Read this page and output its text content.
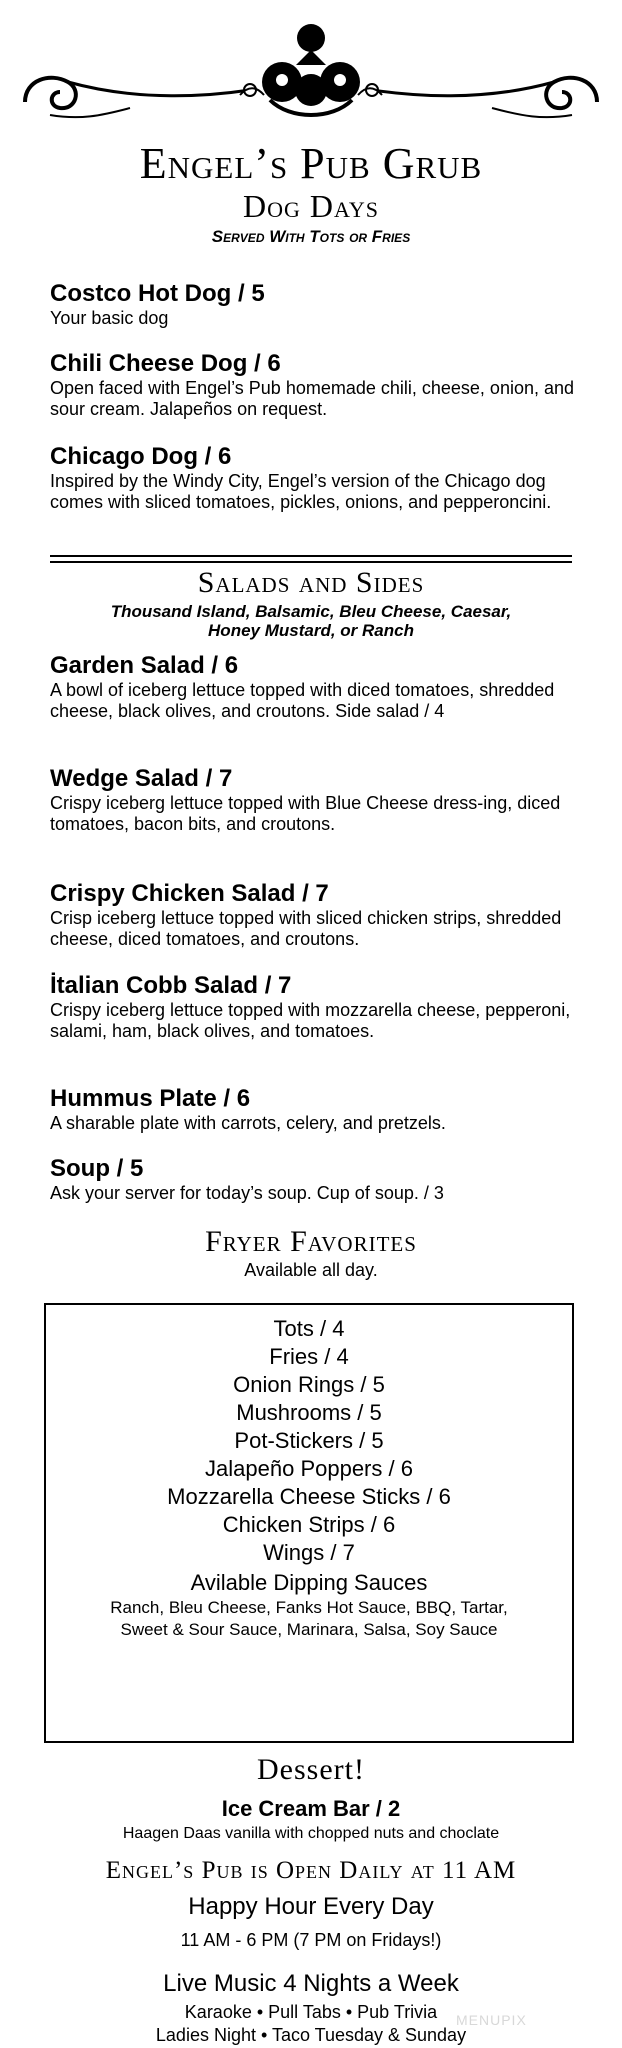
Engel’s Pub Grub
Dog Days
Served With Tots or Fries
Costco Hot Dog / 5
Your basic dog
Chili Cheese Dog / 6
Open faced with Engel’s Pub homemade chili, cheese, onion, and sour cream. Jalapeños on request.
Chicago Dog / 6
Inspired by the Windy City, Engel’s version of the Chicago dog comes with sliced tomatoes, pickles, onions, and pepperoncini.
Salads and Sides
Thousand Island, Balsamic, Bleu Cheese, Caesar,
Honey Mustard, or Ranch
Garden Salad / 6
A bowl of iceberg lettuce topped with diced tomatoes, shredded cheese, black olives, and croutons. Side salad / 4
Wedge Salad / 7
Crispy iceberg lettuce topped with Blue Cheese dress-ing, diced tomatoes, bacon bits, and croutons.
Crispy Chicken Salad / 7
Crisp iceberg lettuce topped with sliced chicken strips, shredded cheese, diced tomatoes, and croutons.
İtalian Cobb Salad / 7
Crispy iceberg lettuce topped with mozzarella cheese, pepperoni, salami, ham, black olives, and tomatoes.
Hummus Plate / 6
A sharable plate with carrots, celery, and pretzels.
Soup / 5
Ask your server for today’s soup. Cup of soup. / 3
Fryer Favorites
Available all day.
Tots / 4
Fries / 4
Onion Rings / 5
Mushrooms / 5
Pot-Stickers / 5
Jalapeño Poppers / 6
Mozzarella Cheese Sticks / 6
Chicken Strips / 6
Wings / 7
Avilable Dipping Sauces
Ranch, Bleu Cheese, Fanks Hot Sauce, BBQ, Tartar,
Sweet & Sour Sauce, Marinara, Salsa, Soy Sauce
Dessert!
Ice Cream Bar / 2
Haagen Daas vanilla with chopped nuts and choclate
Engel’s Pub is Open Daily at 11 AM
Happy Hour Every Day
11 AM - 6 PM (7 PM on Fridays!)
Live Music 4 Nights a Week
Karaoke • Pull Tabs • Pub Trivia
Ladies Night • Taco Tuesday & Sunday
MENUPIX
